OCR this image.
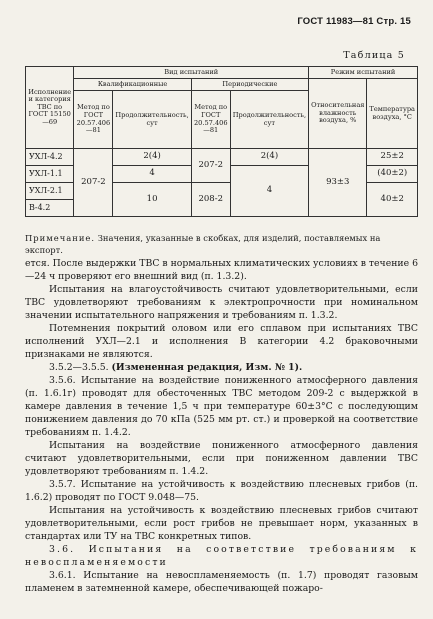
ГОСТ 11983—81 Стр. 15
Таблица 5
Исполнение и категория ТВС по ГОСТ 15150—69	Вид испытаний				Режим испытаний	
	Квалификационные		Периодические		Относительная влажность воздуха, %	Температура воздуха, °С
	Метод по ГОСТ 20.57.406—81	Продолжительность, сут	Метод по ГОСТ 20.57.406—81	Продолжительность, сут		
УХЛ-4.2	207-2	2(4)	207-2	2(4)	93±3	25±2
УХЛ-1.1		4		4		(40±2)
УХЛ-2.1		10	208-2			40±2
В-4.2						
Примечание. Значения, указанные в скобках, для изделий, поставляемых на экспорт.

ется. После выдержки ТВС в нормальных климатических условиях в течение 6—24 ч проверяют его внешний вид (п. 1.3.2).

Испытания на влагоустойчивость считают удовлетворительными, если ТВС удовлетворяют требованиям к электропрочности при номинальном значении испытательного напряжения и требованиям п. 1.3.2.

Потемнения покрытий оловом или его сплавом при испытаниях ТВС исполнений УХЛ—2.1 и исполнения В категории 4.2 браковочными признаками не являются.

3.5.2—3.5.5. (Измененная редакция, Изм. № 1).

3.5.6. Испытание на воздействие пониженного атмосферного давления (п. 1.6.1г) проводят для обесточенных ТВС методом 209-2 с выдержкой в камере давления в течение 1,5 ч при температуре 60±3°С с последующим понижением давления до 70 кПа (525 мм рт. ст.) и проверкой на соответствие требованиям п. 1.4.2.

Испытания на воздействие пониженного атмосферного давления считают удовлетворительными, если при пониженном давлении ТВС удовлетворяют требованиям п. 1.4.2.

3.5.7. Испытание на устойчивость к воздействию плесневых грибов (п. 1.6.2) проводят по ГОСТ 9.048—75.

Испытания на устойчивость к воздействию плесневых грибов считают удовлетворительными, если рост грибов не превышает норм, указанных в стандартах или ТУ на ТВС конкретных типов.

3.6. Испытания на соответствие требованиям к невоспламеняемости

3.6.1. Испытание на невоспламеняемость (п. 1.7) проводят газовым пламенем в затемненной камере, обеспечивающей пожаро-
